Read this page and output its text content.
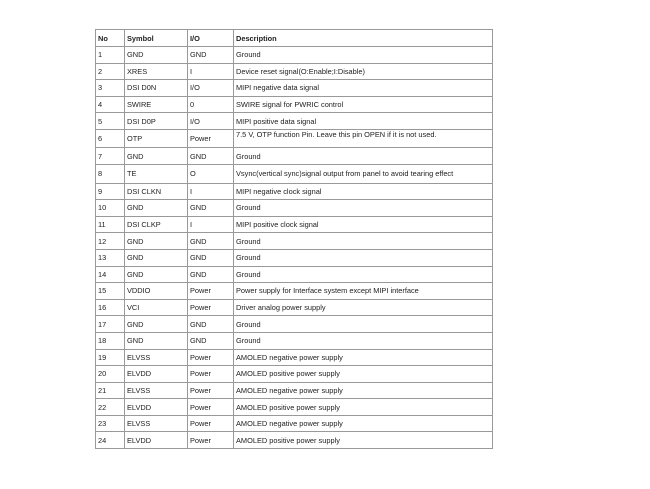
No	Symbol	I/O	Description
1	GND	GND	Ground
2	XRES	I	Device reset signal(O:Enable;I:Disable)
3	DSI D0N	I/O	MIPI negative data signal
4	SWIRE	0	SWIRE signal for PWRIC control
5	DSI D0P	I/O	MIPI positive data signal
6	OTP	Power	7.5 V, OTP function Pin. Leave this pin OPEN if it is not used.
7	GND	GND	Ground
8	TE	O	Vsync(vertical sync)signal output from panel to avoid tearing effect
9	DSI CLKN	I	MIPI negative clock signal
10	GND	GND	Ground
11	DSI CLKP	I	MIPI positive clock signal
12	GND	GND	Ground
13	GND	GND	Ground
14	GND	GND	Ground
15	VDDIO	Power	Power supply for Interface system except MIPI interface
16	VCI	Power	Driver analog power supply
17	GND	GND	Ground
18	GND	GND	Ground
19	ELVSS	Power	AMOLED negative power supply
20	ELVDD	Power	AMOLED positive power supply
21	ELVSS	Power	AMOLED negative power supply
22	ELVDD	Power	AMOLED positive power supply
23	ELVSS	Power	AMOLED negative power supply
24	ELVDD	Power	AMOLED positive power supply
